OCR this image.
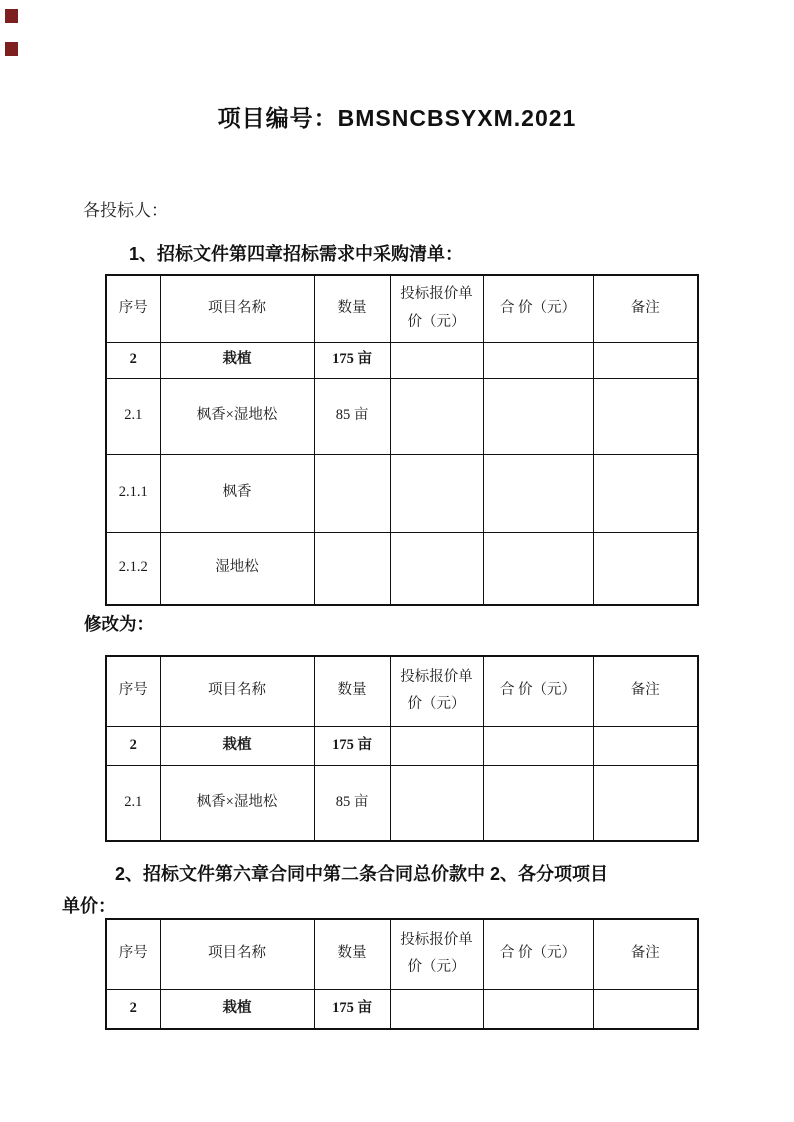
项目编号：BMSNCBSYXM.2021
各投标人：
1、招标文件第四章招标需求中采购清单：
序号	项目名称	数量	投标报价单价（元）	合 价（元）	备注
2	栽植	175 亩			
2.1	枫香×湿地松	85 亩			
2.1.1	枫香				
2.1.2	湿地松				
修改为：
序号	项目名称	数量	投标报价单价（元）	合 价（元）	备注
2	栽植	175 亩			
2.1	枫香×湿地松	85 亩			
2、招标文件第六章合同中第二条合同总价款中 2、各分项项目
单价：
序号	项目名称	数量	投标报价单价（元）	合 价（元）	备注
2	栽植	175 亩			
